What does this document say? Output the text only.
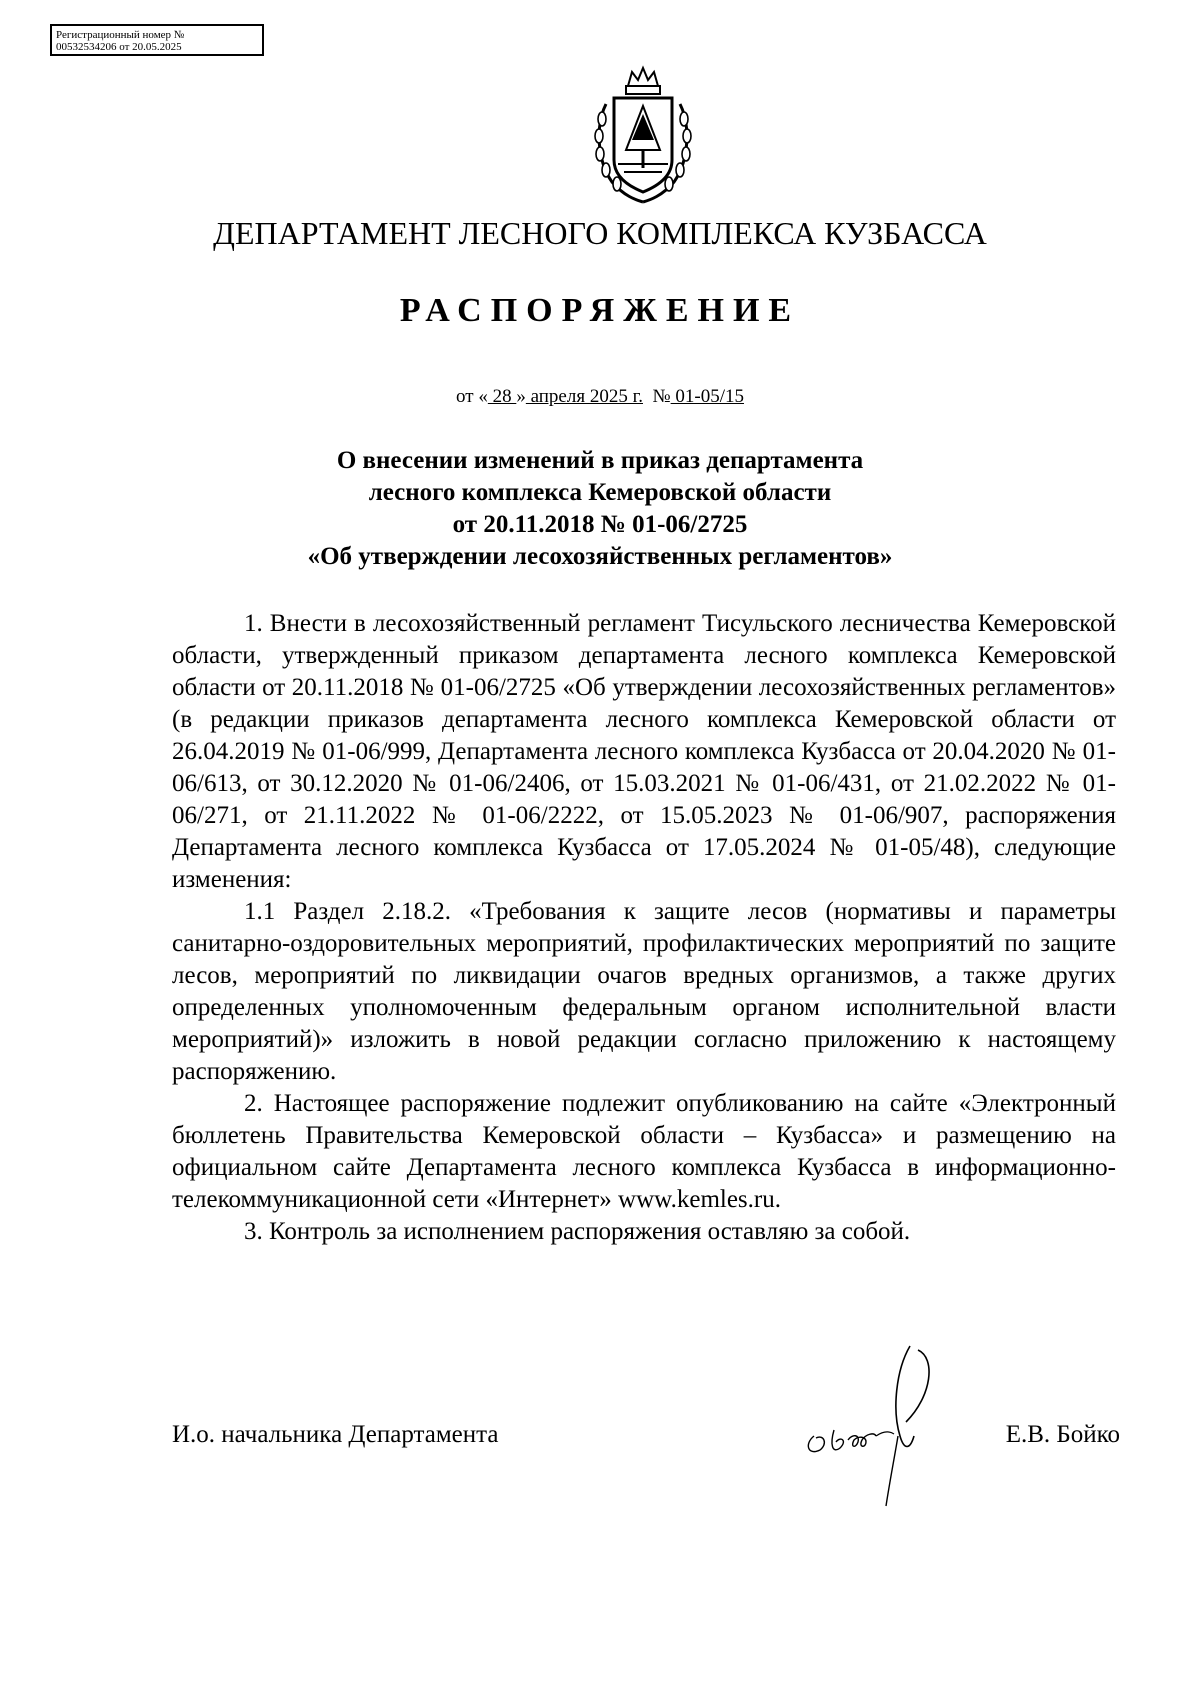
Регистрационный номер №
00532534206 от 20.05.2025
ДЕПАРТАМЕНТ ЛЕСНОГО КОМПЛЕКСА КУЗБАССА
РАСПОРЯЖЕНИЕ
от « 28 » апреля 2025 г. № 01-05/15
О внесении изменений в приказ департамента
лесного комплекса Кемеровской области
от 20.11.2018 № 01-06/2725
«Об утверждении лесохозяйственных регламентов»

1. Внести в лесохозяйственный регламент Тисульского лесничества Кемеровской области, утвержденный приказом департамента лесного комплекса Кемеровской области от 20.11.2018 № 01-06/2725 «Об утверждении лесохозяйственных регламентов» (в редакции приказов департамента лесного комплекса Кемеровской области от 26.04.2019 № 01-06/999, Департамента лесного комплекса Кузбасса от 20.04.2020 № 01-06/613, от 30.12.2020 № 01-06/2406, от 15.03.2021 № 01-06/431, от 21.02.2022 № 01-06/271, от 21.11.2022 № 01-06/2222, от 15.05.2023 № 01-06/907, распоряжения Департамента лесного комплекса Кузбасса от 17.05.2024 № 01-05/48), следующие изменения:

1.1 Раздел 2.18.2. «Требования к защите лесов (нормативы и параметры санитарно-оздоровительных мероприятий, профилактических мероприятий по защите лесов, мероприятий по ликвидации очагов вредных организмов, а также других определенных уполномоченным федеральным органом исполнительной власти мероприятий)» изложить в новой редакции согласно приложению к настоящему распоряжению.

2. Настоящее распоряжение подлежит опубликованию на сайте «Электронный бюллетень Правительства Кемеровской области – Кузбасса» и размещению на официальном сайте Департамента лесного комплекса Кузбасса в информационно-телекоммуникационной сети «Интернет» www.kemles.ru.

3. Контроль за исполнением распоряжения оставляю за собой.

И.о. начальника Департамента	Е.В. Бойко
